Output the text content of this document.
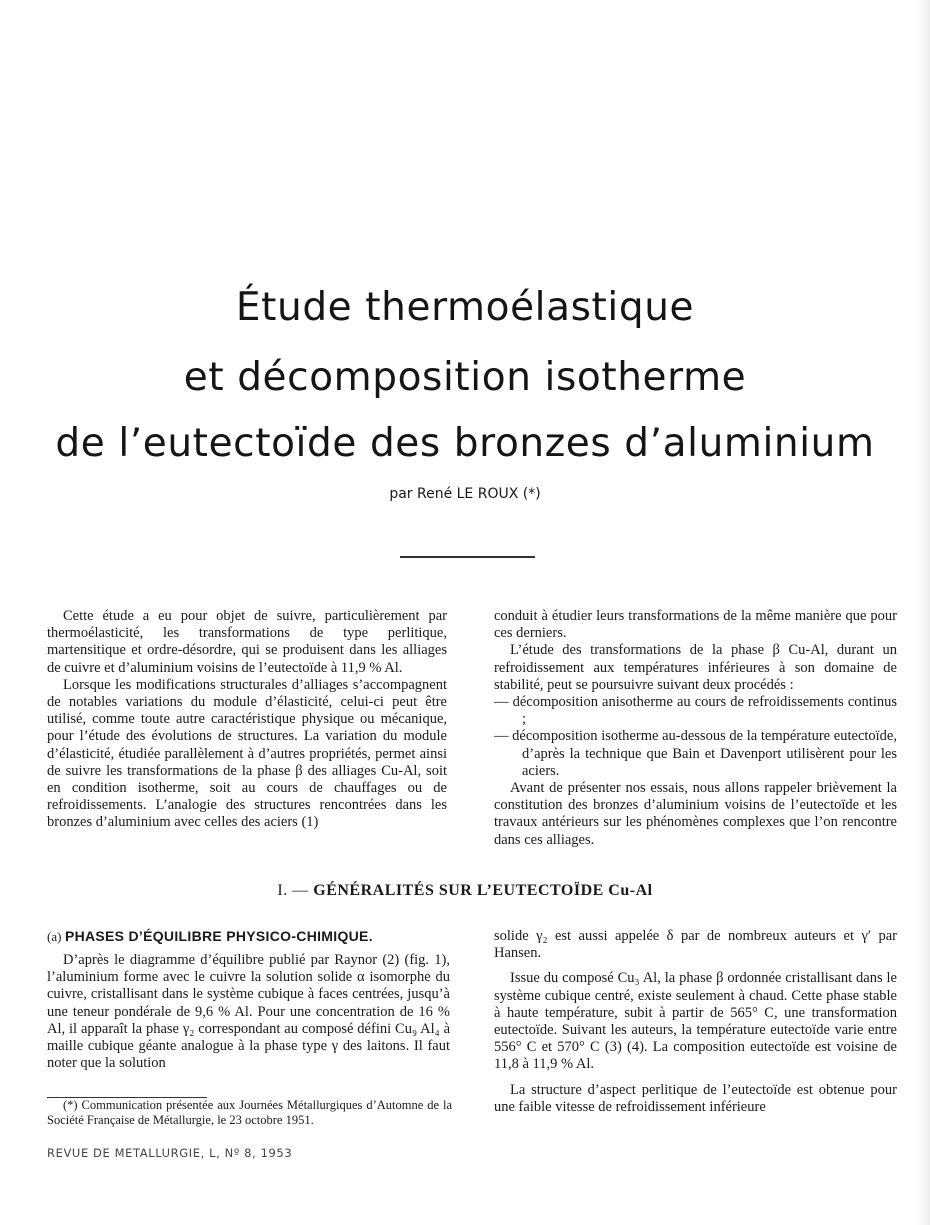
Étude thermoélastique
et décomposition isotherme
de l’eutectoïde des bronzes d’aluminium
par René LE ROUX (*)

Cette étude a eu pour objet de suivre, particulièrement par thermoélasticité, les transformations de type perlitique, martensitique et ordre-désordre, qui se produisent dans les alliages de cuivre et d’aluminium voisins de l’eutectoïde à 11,9 % Al.

Lorsque les modifications structurales d’alliages s’accompagnent de notables variations du module d’élasticité, celui-ci peut être utilisé, comme toute autre caractéristique physique ou mécanique, pour l’étude des évolutions de structures. La variation du module d’élasticité, étudiée parallèlement à d’autres propriétés, permet ainsi de suivre les transformations de la phase β des alliages Cu-Al, soit en condition isotherme, soit au cours de chauffages ou de refroidissements. L’analogie des structures rencontrées dans les bronzes d’aluminium avec celles des aciers (1)

conduit à étudier leurs transformations de la même manière que pour ces derniers.

L’étude des transformations de la phase β Cu-Al, durant un refroidissement aux températures inférieures à son domaine de stabilité, peut se poursuivre suivant deux procédés :

— décomposition anisotherme au cours de refroidissements continus ;
— décomposition isotherme au-dessous de la température eutectoïde, d’après la technique que Bain et Davenport utilisèrent pour les aciers.

Avant de présenter nos essais, nous allons rappeler brièvement la constitution des bronzes d’aluminium voisins de l’eutectoïde et les travaux antérieurs sur les phénomènes complexes que l’on rencontre dans ces alliages.

I. — GÉNÉRALITÉS SUR L’EUTECTOÏDE Cu-Al
(a) PHASES D’ÉQUILIBRE PHYSICO-CHIMIQUE.

D’après le diagramme d’équilibre publié par Raynor (2) (fig. 1), l’aluminium forme avec le cuivre la solution solide α isomorphe du cuivre, cristallisant dans le système cubique à faces centrées, jusqu’à une teneur pondérale de 9,6 % Al. Pour une concentration de 16 % Al, il apparaît la phase γ₂ correspondant au composé défini Cu₉ Al₄ à maille cubique géante analogue à la phase type γ des laitons. Il faut noter que la solution

(*) Communication présentée aux Journées Métallurgiques d’Automne de la Société Française de Métallurgie, le 23 octobre 1951.

solide γ₂ est aussi appelée δ par de nombreux auteurs et γ′ par Hansen.

Issue du composé Cu₃ Al, la phase β ordonnée cristallisant dans le système cubique centré, existe seulement à chaud. Cette phase stable à haute température, subit à partir de 565° C, une transformation eutectoïde. Suivant les auteurs, la température eutectoïde varie entre 556° C et 570° C (3) (4). La composition eutectoïde est voisine de 11,8 à 11,9 % Al.

La structure d’aspect perlitique de l’eutectoïde est obtenue pour une faible vitesse de refroidissement inférieure

REVUE DE METALLURGIE, L, Nº 8, 1953
